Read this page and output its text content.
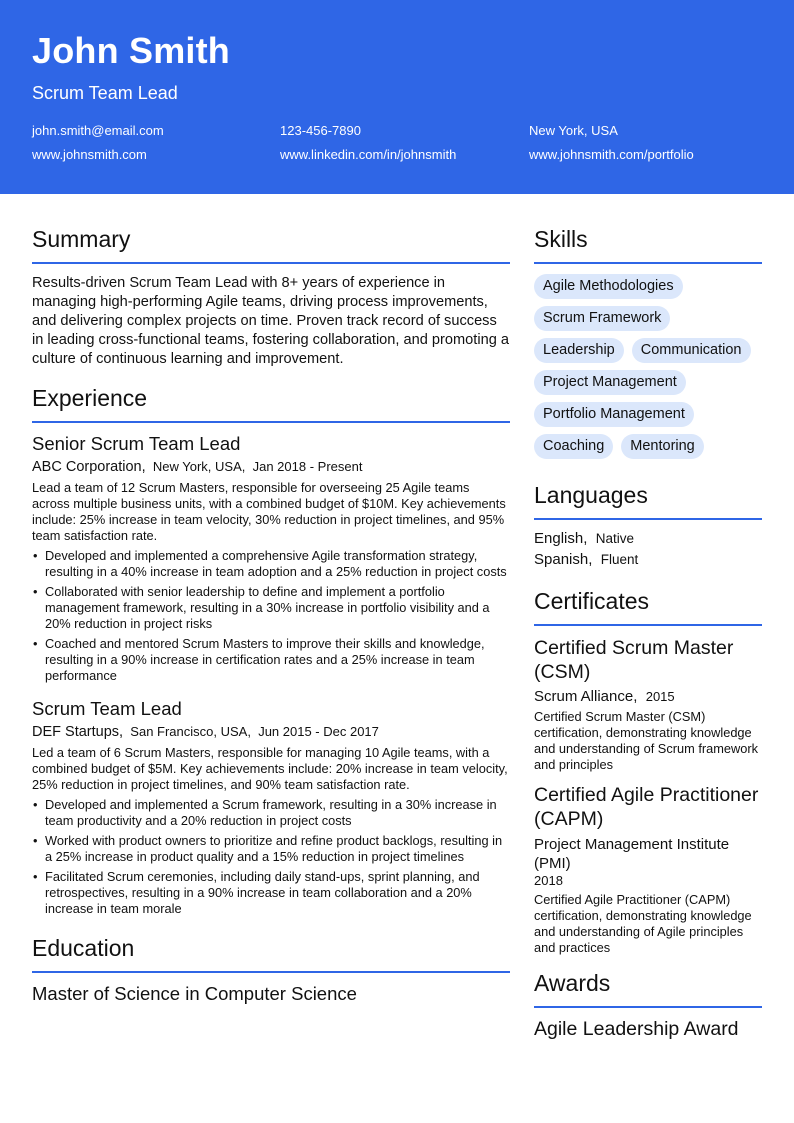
John Smith
Scrum Team Lead
john.smith@email.com	123-456-7890	New York, USA
www.johnsmith.com	www.linkedin.com/in/johnsmith	www.johnsmith.com/portfolio
Summary
Results-driven Scrum Team Lead with 8+ years of experience in managing high-performing Agile teams, driving process improvements, and delivering complex projects on time. Proven track record of success in leading cross-functional teams, fostering collaboration, and promoting a culture of continuous learning and improvement.
Experience
Senior Scrum Team Lead
ABC Corporation, New York, USA, Jan 2018 - Present
Lead a team of 12 Scrum Masters, responsible for overseeing 25 Agile teams across multiple business units, with a combined budget of $10M. Key achievements include: 25% increase in team velocity, 30% reduction in project timelines, and 95% team satisfaction rate.
• Developed and implemented a comprehensive Agile transformation strategy, resulting in a 40% increase in team adoption and a 25% reduction in project costs
• Collaborated with senior leadership to define and implement a portfolio management framework, resulting in a 30% increase in portfolio visibility and a 20% reduction in project risks
• Coached and mentored Scrum Masters to improve their skills and knowledge, resulting in a 90% increase in certification rates and a 25% increase in team performance
Scrum Team Lead
DEF Startups, San Francisco, USA, Jun 2015 - Dec 2017
Led a team of 6 Scrum Masters, responsible for managing 10 Agile teams, with a combined budget of $5M. Key achievements include: 20% increase in team velocity, 25% reduction in project timelines, and 90% team satisfaction rate.
• Developed and implemented a Scrum framework, resulting in a 30% increase in team productivity and a 20% reduction in project costs
• Worked with product owners to prioritize and refine product backlogs, resulting in a 25% increase in product quality and a 15% reduction in project timelines
• Facilitated Scrum ceremonies, including daily stand-ups, sprint planning, and retrospectives, resulting in a 90% increase in team collaboration and a 20% increase in team morale
Education
Master of Science in Computer Science
Skills
Agile Methodologies
Scrum Framework
Leadership	Communication
Project Management
Portfolio Management
Coaching	Mentoring
Languages
English, Native
Spanish, Fluent
Certificates
Certified Scrum Master (CSM)
Scrum Alliance, 2015
Certified Scrum Master (CSM) certification, demonstrating knowledge and understanding of Scrum framework and principles
Certified Agile Practitioner (CAPM)
Project Management Institute (PMI)
2018
Certified Agile Practitioner (CAPM) certification, demonstrating knowledge and understanding of Agile principles and practices
Awards
Agile Leadership Award
